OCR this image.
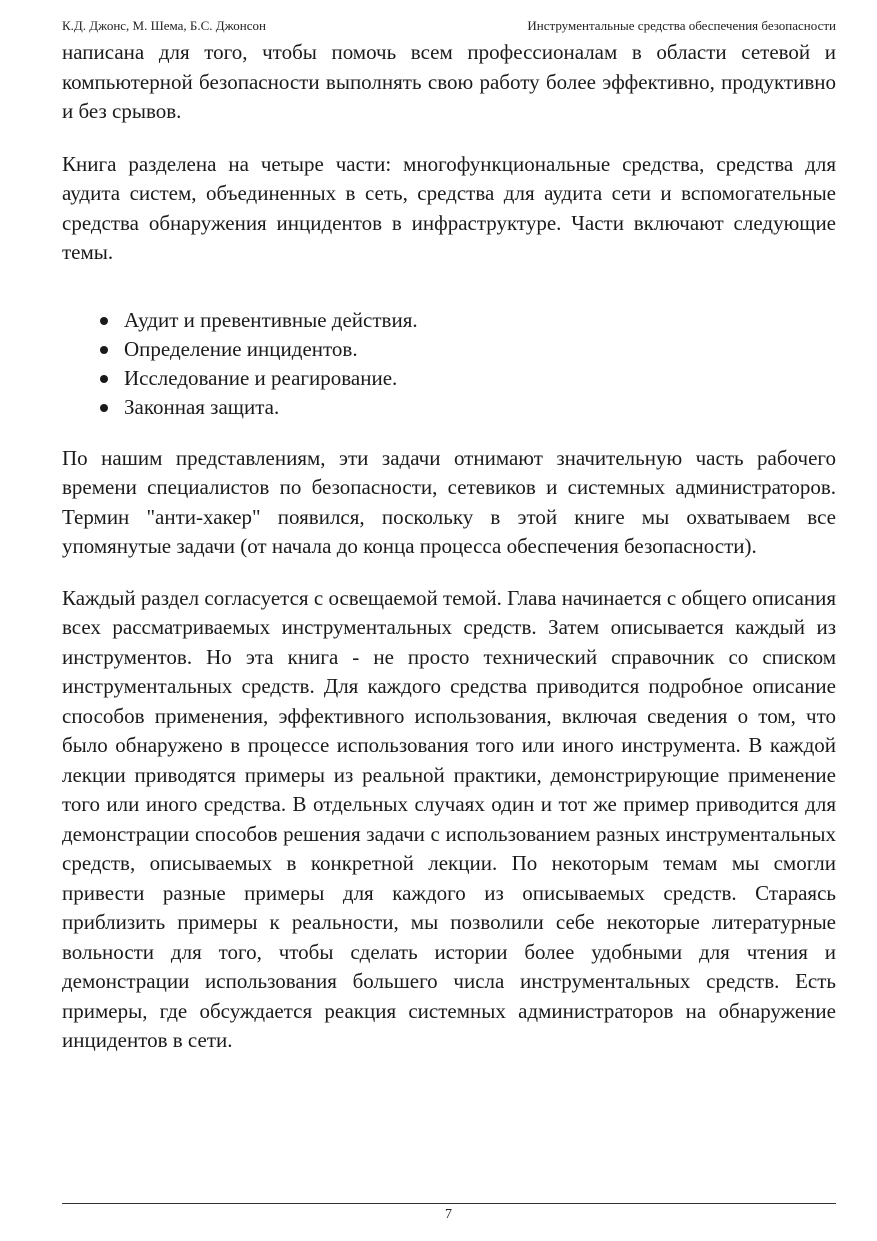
К.Д. Джонс, М. Шема, Б.С. Джонсон	Инструментальные средства обеспечения безопасности

написана для того, чтобы помочь всем профессионалам в области сетевой и компьютерной безопасности выполнять свою работу более эффективно, продуктивно и без срывов.

Книга разделена на четыре части: многофункциональные средства, средства для аудита систем, объединенных в сеть, средства для аудита сети и вспомогательные средства обнаружения инцидентов в инфраструктуре. Части включают следующие темы.

Аудит и превентивные действия.
Определение инцидентов.
Исследование и реагирование.
Законная защита.

По нашим представлениям, эти задачи отнимают значительную часть рабочего времени специалистов по безопасности, сетевиков и системных администраторов. Термин "анти-хакер" появился, поскольку в этой книге мы охватываем все упомянутые задачи (от начала до конца процесса обеспечения безопасности).

Каждый раздел согласуется с освещаемой темой. Глава начинается с общего описания всех рассматриваемых инструментальных средств. Затем описывается каждый из инструментов. Но эта книга - не просто технический справочник со списком инструментальных средств. Для каждого средства приводится подробное описание способов применения, эффективного использования, включая сведения о том, что было обнаружено в процессе использования того или иного инструмента. В каждой лекции приводятся примеры из реальной практики, демонстрирующие применение того или иного средства. В отдельных случаях один и тот же пример приводится для демонстрации способов решения задачи с использованием разных инструментальных средств, описываемых в конкретной лекции. По некоторым темам мы смогли привести разные примеры для каждого из описываемых средств. Стараясь приблизить примеры к реальности, мы позволили себе некоторые литературные вольности для того, чтобы сделать истории более удобными для чтения и демонстрации использования большего числа инструментальных средств. Есть примеры, где обсуждается реакция системных администраторов на обнаружение инцидентов в сети.

7
